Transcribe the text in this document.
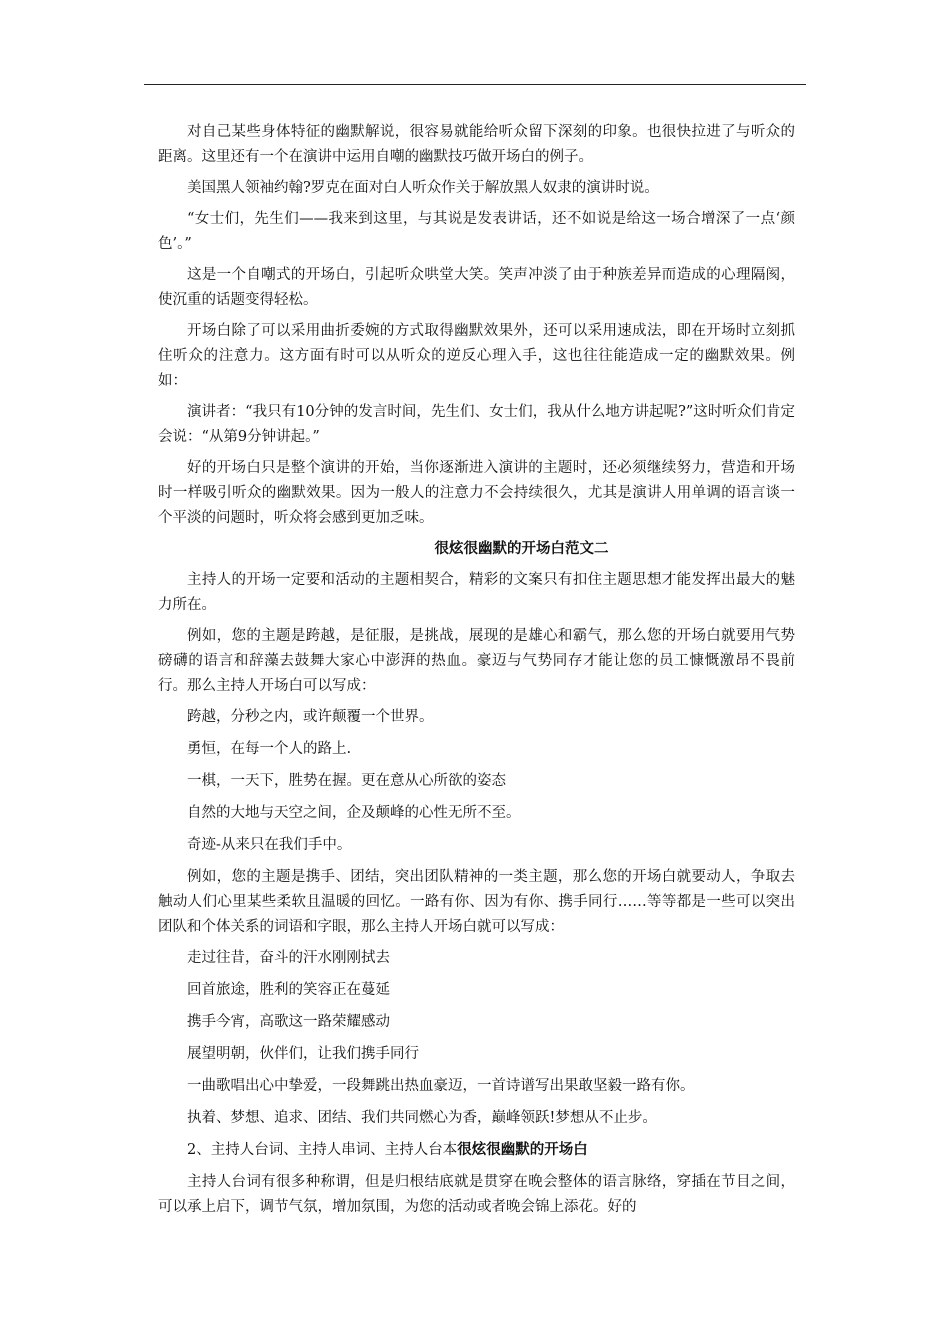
对自己某些身体特征的幽默解说，很容易就能给听众留下深刻的印象。也很快拉进了与听众的距离。这里还有一个在演讲中运用自嘲的幽默技巧做开场白的例子。

美国黑人领袖约翰?罗克在面对白人听众作关于解放黑人奴隶的演讲时说。

“女士们，先生们——我来到这里，与其说是发表讲话，还不如说是给这一场合增深了一点‘颜色’。”

这是一个自嘲式的开场白，引起听众哄堂大笑。笑声冲淡了由于种族差异而造成的心理隔阂，使沉重的话题变得轻松。

开场白除了可以采用曲折委婉的方式取得幽默效果外，还可以采用速成法，即在开场时立刻抓住听众的注意力。这方面有时可以从听众的逆反心理入手，这也往往能造成一定的幽默效果。例如：

演讲者：“我只有10分钟的发言时间，先生们、女士们，我从什么地方讲起呢?”这时听众们肯定会说：“从第9分钟讲起。”

好的开场白只是整个演讲的开始，当你逐渐进入演讲的主题时，还必须继续努力，营造和开场时一样吸引听众的幽默效果。因为一般人的注意力不会持续很久，尤其是演讲人用单调的语言谈一个平淡的问题时，听众将会感到更加乏味。

很炫很幽默的开场白范文二

主持人的开场一定要和活动的主题相契合，精彩的文案只有扣住主题思想才能发挥出最大的魅力所在。

例如，您的主题是跨越，是征服，是挑战，展现的是雄心和霸气，那么您的开场白就要用气势磅礴的语言和辞藻去鼓舞大家心中澎湃的热血。豪迈与气势同存才能让您的员工慷慨激昂不畏前行。那么主持人开场白可以写成：

跨越，分秒之内，或许颠覆一个世界。

勇恒，在每一个人的路上.

一棋，一天下，胜势在握。更在意从心所欲的姿态

自然的大地与天空之间，企及颠峰的心性无所不至。

奇迹-从来只在我们手中。

例如，您的主题是携手、团结，突出团队精神的一类主题，那么您的开场白就要动人，争取去触动人们心里某些柔软且温暖的回忆。一路有你、因为有你、携手同行……等等都是一些可以突出团队和个体关系的词语和字眼，那么主持人开场白就可以写成：

走过往昔，奋斗的汗水刚刚拭去

回首旅途，胜利的笑容正在蔓延

携手今宵，高歌这一路荣耀感动

展望明朝，伙伴们，让我们携手同行

一曲歌唱出心中挚爱，一段舞跳出热血豪迈，一首诗谱写出果敢坚毅一路有你。

执着、梦想、追求、团结、我们共同燃心为香，巅峰领跃!梦想从不止步。

2、主持人台词、主持人串词、主持人台本很炫很幽默的开场白

主持人台词有很多种称谓，但是归根结底就是贯穿在晚会整体的语言脉络，穿插在节目之间，可以承上启下，调节气氛，增加氛围，为您的活动或者晚会锦上添花。好的
